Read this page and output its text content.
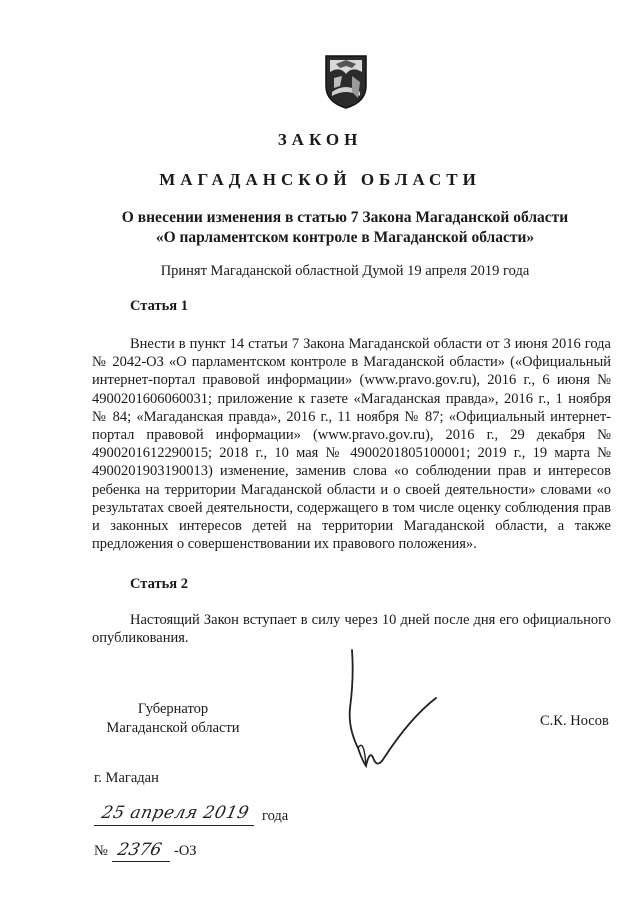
ЗАКОН
МАГАДАНСКОЙ ОБЛАСТИ
О внесении изменения в статью 7 Закона Магаданской области
«О парламентском контроле в Магаданской области»
Принят Магаданской областной Думой 19 апреля 2019 года
Статья 1
Внести в пункт 14 статьи 7 Закона Магаданской области от 3 июня 2016 года № 2042-ОЗ «О парламентском контроле в Магаданской области» («Официальный интернет-портал правовой информации» (www.pravo.gov.ru), 2016 г., 6 июня № 4900201606060031; приложение к газете «Магаданская правда», 2016 г., 1 ноября № 84; «Магаданская правда», 2016 г., 11 ноября № 87; «Официальный интернет-портал правовой информации» (www.pravo.gov.ru), 2016 г., 29 декабря № 4900201612290015; 2018 г., 10 мая № 4900201805100001; 2019 г., 19 марта № 4900201903190013) изменение, заменив слова «о соблюдении прав и интересов ребенка на территории Магаданской области и о своей деятельности» словами «о результатах своей деятельности, содержащего в том числе оценку соблюдения прав и законных интересов детей на территории Магаданской области, а также предложения о совершенствовании их правового положения».
Статья 2
Настоящий Закон вступает в силу через 10 дней после дня его официального опубликования.
Губернатор
Магаданской области	С.К. Носов
г. Магадан
25 апреля 2019 года
№ 2376 -ОЗ
